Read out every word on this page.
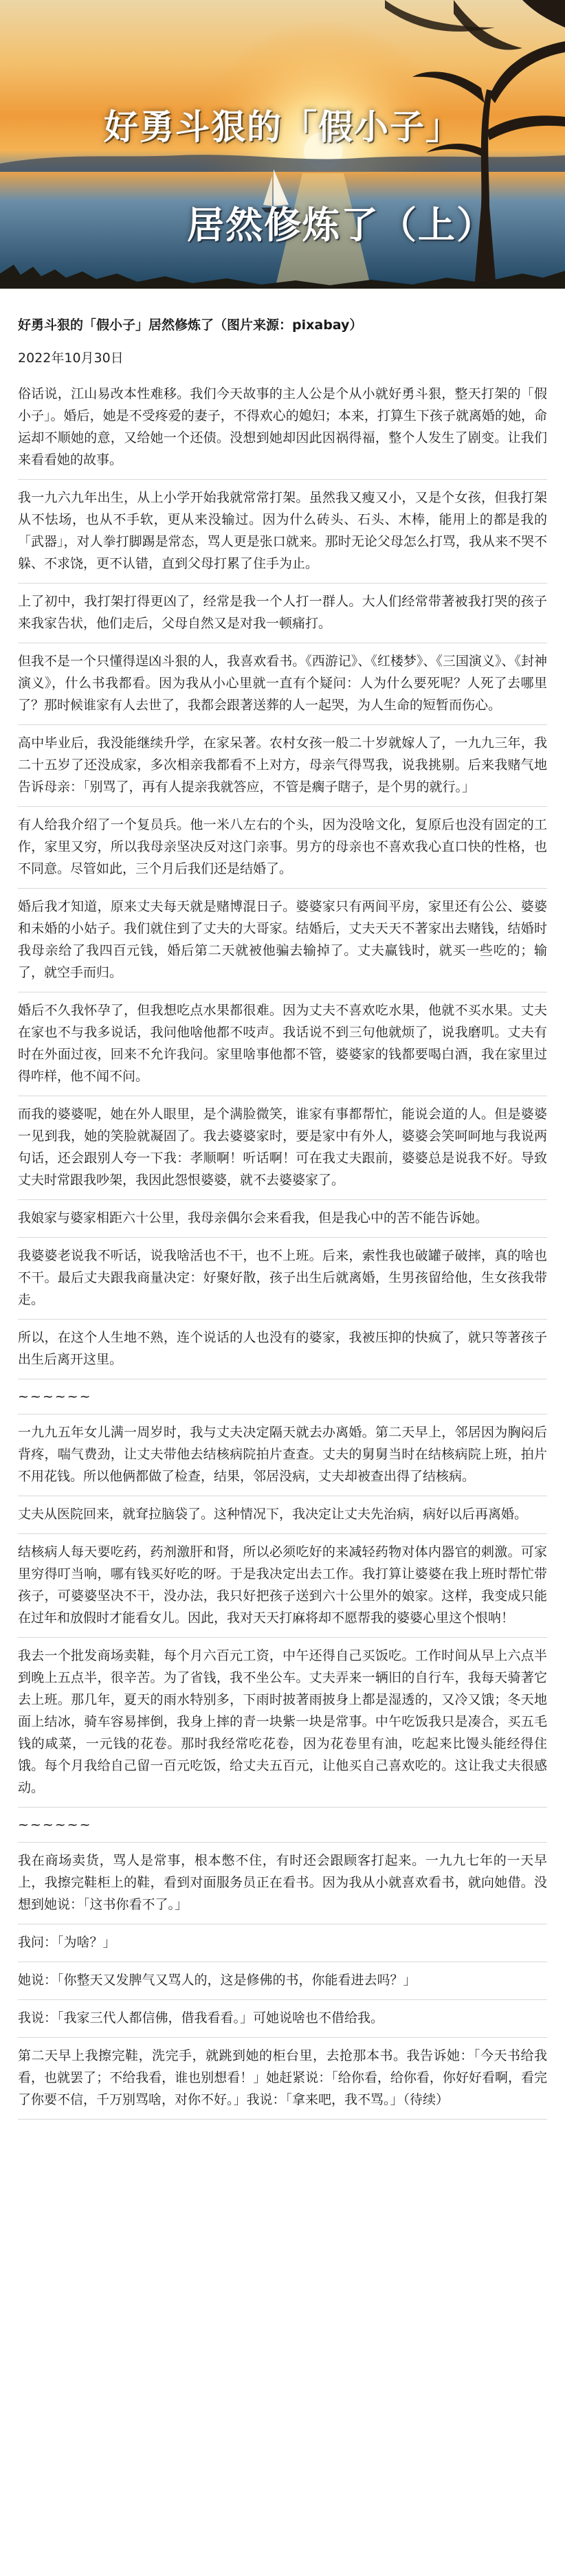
好勇斗狠的「假小子」
居然修炼了（上）

好勇斗狠的「假小子」居然修炼了（图片来源：pixabay）

2022年10月30日

俗话说，江山易改本性难移。我们今天故事的主人公是个从小就好勇斗狠，整天打架的「假小子」。婚后，她是不受疼爱的妻子，不得欢心的媳妇；本来，打算生下孩子就离婚的她，命运却不顺她的意，又给她一个还债。没想到她却因此因祸得福，整个人发生了剧变。让我们来看看她的故事。

我一九六九年出生，从上小学开始我就常常打架。虽然我又瘦又小，又是个女孩，但我打架从不怯场，也从不手软，更从来没输过。因为什么砖头、石头、木棒，能用上的都是我的「武器」，对人拳打脚踢是常态，骂人更是张口就来。那时无论父母怎么打骂，我从来不哭不躲、不求饶，更不认错，直到父母打累了住手为止。

上了初中，我打架打得更凶了，经常是我一个人打一群人。大人们经常带著被我打哭的孩子来我家告状，他们走后，父母自然又是对我一顿痛打。

但我不是一个只懂得逞凶斗狠的人，我喜欢看书。《西游记》、《红楼梦》、《三国演义》、《封神演义》，什么书我都看。因为我从小心里就一直有个疑问：人为什么要死呢？人死了去哪里了？那时候谁家有人去世了，我都会跟著送葬的人一起哭，为人生命的短暂而伤心。

高中毕业后，我没能继续升学，在家呆著。农村女孩一般二十岁就嫁人了，一九九三年，我二十五岁了还没成家，多次相亲我都看不上对方，母亲气得骂我，说我挑剔。后来我赌气地告诉母亲：「别骂了，再有人提亲我就答应，不管是瘸子瞎子，是个男的就行。」

有人给我介绍了一个复员兵。他一米八左右的个头，因为没啥文化，复原后也没有固定的工作，家里又穷，所以我母亲坚决反对这门亲事。男方的母亲也不喜欢我心直口快的性格，也不同意。尽管如此，三个月后我们还是结婚了。

婚后我才知道，原来丈夫每天就是赌博混日子。婆婆家只有两间平房，家里还有公公、婆婆和未婚的小姑子。我们就住到了丈夫的大哥家。结婚后，丈夫天天不著家出去赌钱，结婚时我母亲给了我四百元钱，婚后第二天就被他骗去输掉了。丈夫赢钱时，就买一些吃的；输了，就空手而归。

婚后不久我怀孕了，但我想吃点水果都很难。因为丈夫不喜欢吃水果，他就不买水果。丈夫在家也不与我多说话，我问他啥他都不吱声。我话说不到三句他就烦了，说我磨叽。丈夫有时在外面过夜，回来不允许我问。家里啥事他都不管，婆婆家的钱都要喝白酒，我在家里过得咋样，他不闻不问。

而我的婆婆呢，她在外人眼里，是个满脸微笑，谁家有事都帮忙，能说会道的人。但是婆婆一见到我，她的笑脸就凝固了。我去婆婆家时，要是家中有外人，婆婆会笑呵呵地与我说两句话，还会跟别人夸一下我：孝顺啊！听话啊！可在我丈夫跟前，婆婆总是说我不好。导致丈夫时常跟我吵架，我因此怨恨婆婆，就不去婆婆家了。

我娘家与婆家相距六十公里，我母亲偶尔会来看我，但是我心中的苦不能告诉她。

我婆婆老说我不听话，说我啥活也不干，也不上班。后来，索性我也破罐子破摔，真的啥也不干。最后丈夫跟我商量决定：好聚好散，孩子出生后就离婚，生男孩留给他，生女孩我带走。

所以，在这个人生地不熟，连个说话的人也没有的婆家，我被压抑的快疯了，就只等著孩子出生后离开这里。

~~~~~~

一九九五年女儿满一周岁时，我与丈夫决定隔天就去办离婚。第二天早上，邻居因为胸闷后背疼，喘气费劲，让丈夫带他去结核病院拍片查查。丈夫的舅舅当时在结核病院上班，拍片不用花钱。所以他俩都做了检查，结果，邻居没病，丈夫却被查出得了结核病。

丈夫从医院回来，就耷拉脑袋了。这种情况下，我决定让丈夫先治病，病好以后再离婚。

结核病人每天要吃药，药剂激肝和肾，所以必须吃好的来减轻药物对体内器官的刺激。可家里穷得叮当响，哪有钱买好吃的呀。于是我决定出去工作。我打算让婆婆在我上班时帮忙带孩子，可婆婆坚决不干，没办法，我只好把孩子送到六十公里外的娘家。这样，我变成只能在过年和放假时才能看女儿。因此，我对天天打麻将却不愿帮我的婆婆心里这个恨呐！

我去一个批发商场卖鞋，每个月六百元工资，中午还得自己买饭吃。工作时间从早上六点半到晚上五点半，很辛苦。为了省钱，我不坐公车。丈夫弄来一辆旧的自行车，我每天骑著它去上班。那几年，夏天的雨水特别多，下雨时披著雨披身上都是湿透的，又冷又饿；冬天地面上结冰，骑车容易摔倒，我身上摔的青一块紫一块是常事。中午吃饭我只是凑合，买五毛钱的咸菜，一元钱的花卷。那时我经常吃花卷，因为花卷里有油，吃起来比馒头能经得住饿。每个月我给自己留一百元吃饭，给丈夫五百元，让他买自己喜欢吃的。这让我丈夫很感动。

~~~~~~

我在商场卖货，骂人是常事，根本憋不住，有时还会跟顾客打起来。一九九七年的一天早上，我擦完鞋柜上的鞋，看到对面服务员正在看书。因为我从小就喜欢看书，就向她借。没想到她说：「这书你看不了。」

我问：「为啥？」

她说：「你整天又发脾气又骂人的，这是修佛的书，你能看进去吗？」

我说：「我家三代人都信佛，借我看看。」可她说啥也不借给我。

第二天早上我擦完鞋，洗完手，就跳到她的柜台里，去抢那本书。我告诉她：「今天书给我看，也就罢了；不给我看，谁也别想看！」她赶紧说：「给你看，给你看，你好好看啊，看完了你要不信，千万别骂啥，对你不好。」我说：「拿来吧，我不骂。」（待续）
